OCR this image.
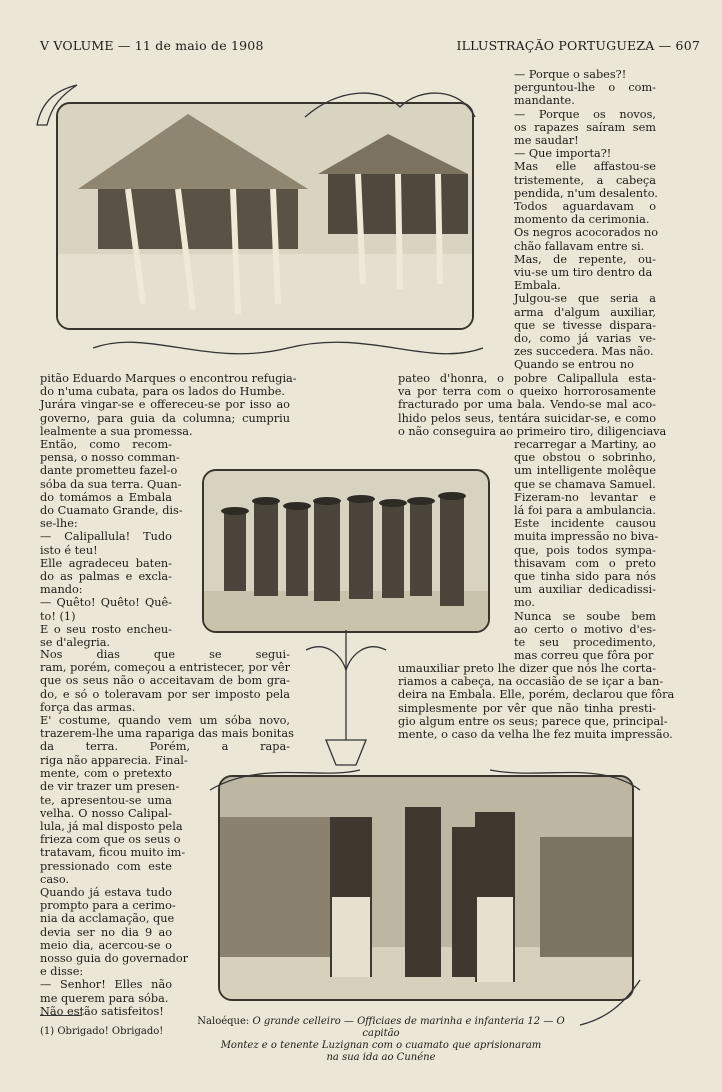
V VOLUME — 11 de maio de 1908	ILLUSTRAÇÃO PORTUGUEZA — 607
— Porque o sabes?!
perguntou-lhe o com-
mandante.
— Porque os novos,
os rapazes saíram sem
me saudar!
— Que importa?!
Mas elle affastou-se
tristemente, a cabeça
pendida, n'um desalento.
Todos aguardavam o
momento da cerimonia.
Os negros acocorados no
chão fallavam entre si.
Mas, de repente, ou-
viu-se um tiro dentro da
Embala.
Julgou-se que seria a
arma d'algum auxiliar,
que se tivesse dispara-
do, como já varias ve-
zes succedera. Mas não.
Quando se entrou no
pateo d'honra, o pobre Calipallula esta-
va por terra com o queixo horrorosamente
fracturado por uma bala. Vendo-se mal aco-
lhido pelos seus, tentára suicidar-se, e como
o não conseguira ao primeiro tiro, diligenciava
recarregar a Martiny, ao
que obstou o sobrinho,
um intelligente molêque
que se chamava Samuel.
Fizeram-no levantar e
lá foi para a ambulancia.
Este incidente causou
muita impressão no biva-
que, pois todos sympa-
thisavam com o preto
que tinha sido para nós
um auxiliar dedicadissi-
mo.
Nunca se soube bem
ao certo o motivo d'es-
te seu procedimento,
mas correu que fôra por
umauxiliar preto lhe dizer que nós lhe corta-
riamos a cabeça, na occasião de se içar a ban-
deira na Embala. Elle, porém, declarou que fôra
simplesmente por vêr que não tinha presti-
gio algum entre os seus; parece que, principal-
mente, o caso da velha lhe fez muita impressão.
pitão Eduardo Marques o encontrou refugia-
do n'uma cubata, para os lados do Humbe.
Jurára vingar-se e offereceu-se por isso ao
governo, para guia da columna; cumpriu
lealmente a sua promessa.
Então, como recom-
pensa, o nosso comman-
dante prometteu fazel-o
sóba da sua terra. Quan-
do tomámos a Embala
do Cuamato Grande, dis-
se-lhe:
— Calipallula! Tudo
isto é teu!
Elle agradeceu baten-
do as palmas e excla-
mando:
— Quêto! Quêto! Quê-
to! (1)
E o seu rosto encheu-
se d'alegria.
Nos dias que se segui-
ram, porém, começou a entristecer, por vêr
que os seus não o acceitavam de bom gra-
do, e só o toleravam por ser imposto pela
força das armas.
E' costume, quando vem um sóba novo,
trazerem-lhe uma rapariga das mais bonitas
da terra. Porém, a rapa-
riga não apparecia. Final-
mente, com o pretexto
de vir trazer um presen-
te, apresentou-se uma
velha. O nosso Calipal-
lula, já mal disposto pela
frieza com que os seus o
tratavam, ficou muito im-
pressionado com este
caso.
Quando já estava tudo
prompto para a cerimo-
nia da acclamação, que
devia ser no dia 9 ao
meio dia, acercou-se o
nosso guia do governador
e disse:
— Senhor! Elles não
me querem para sóba.
Não estão satisfeitos!
(1) Obrigado! Obrigado!
Naloéque: O grande celleiro — Officiaes de marinha e infanteria 12 — O capitão
Montez e o tenente Luzignan com o cuamato que aprisionaram
na sua ida ao Cunéne
